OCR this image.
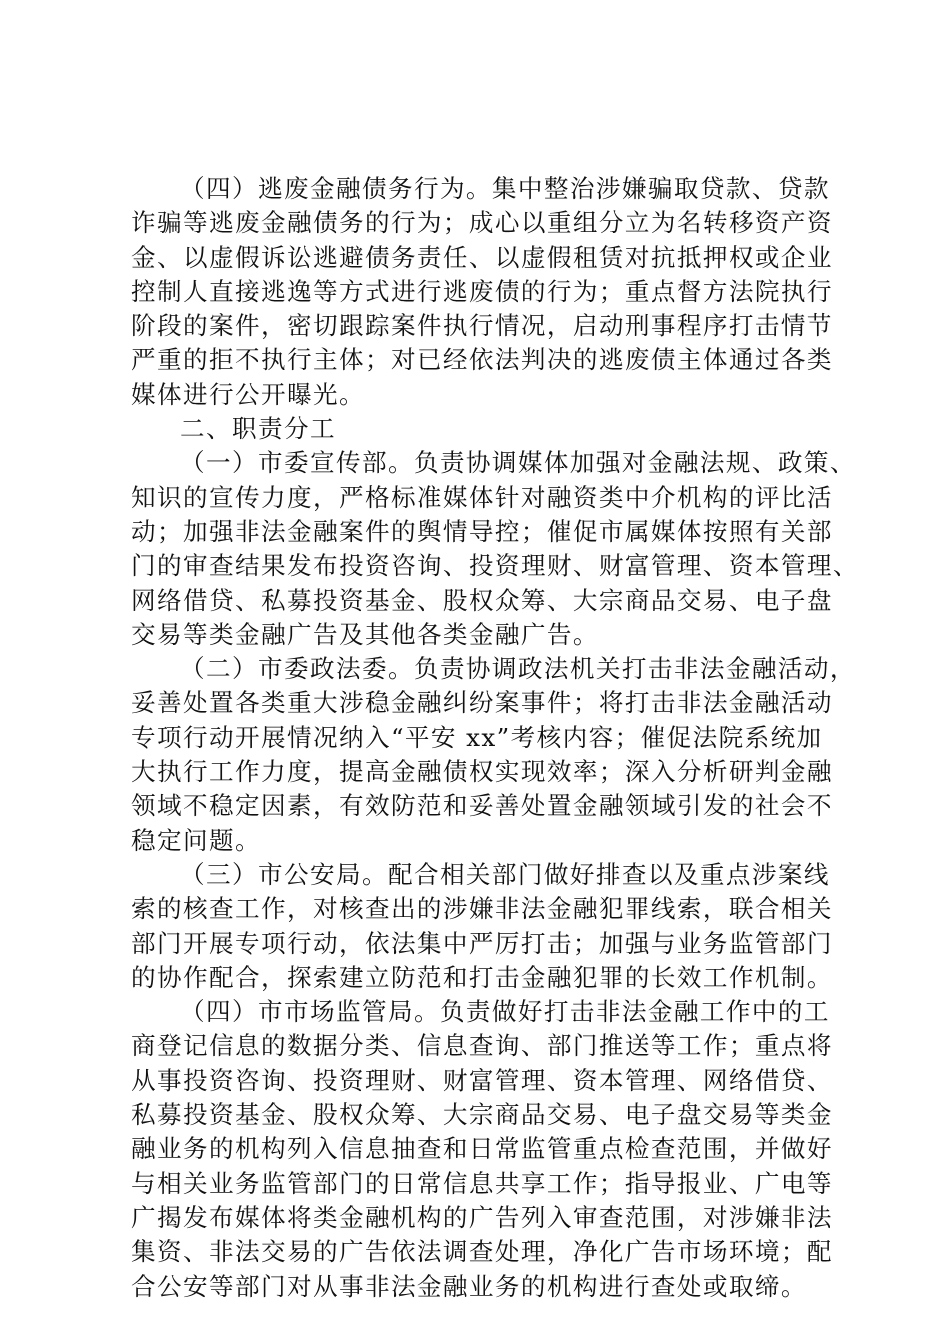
（四）逃废金融债务行为。集中整治涉嫌骗取贷款、贷款
诈骗等逃废金融债务的行为；成心以重组分立为名转移资产资
金、以虚假诉讼逃避债务责任、以虚假租赁对抗抵押权或企业
控制人直接逃逸等方式进行逃废债的行为；重点督方法院执行
阶段的案件，密切跟踪案件执行情况，启动刑事程序打击情节
严重的拒不执行主体；对已经依法判决的逃废债主体通过各类
媒体进行公开曝光。
二、职责分工
（一）市委宣传部。负责协调媒体加强对金融法规、政策、
知识的宣传力度，严格标准媒体针对融资类中介机构的评比活
动；加强非法金融案件的舆情导控；催促市属媒体按照有关部
门的审查结果发布投资咨询、投资理财、财富管理、资本管理、
网络借贷、私募投资基金、股权众筹、大宗商品交易、电子盘
交易等类金融广告及其他各类金融广告。
（二）市委政法委。负责协调政法机关打击非法金融活动，
妥善处置各类重大涉稳金融纠纷案事件；将打击非法金融活动
专项行动开展情况纳入“平安 xx”考核内容；催促法院系统加
大执行工作力度，提高金融债权实现效率；深入分析研判金融
领域不稳定因素，有效防范和妥善处置金融领域引发的社会不
稳定问题。
（三）市公安局。配合相关部门做好排查以及重点涉案线
索的核查工作，对核查出的涉嫌非法金融犯罪线索，联合相关
部门开展专项行动，依法集中严厉打击；加强与业务监管部门
的协作配合，探索建立防范和打击金融犯罪的长效工作机制。
（四）市市场监管局。负责做好打击非法金融工作中的工
商登记信息的数据分类、信息查询、部门推送等工作；重点将
从事投资咨询、投资理财、财富管理、资本管理、网络借贷、
私募投资基金、股权众筹、大宗商品交易、电子盘交易等类金
融业务的机构列入信息抽查和日常监管重点检查范围，并做好
与相关业务监管部门的日常信息共享工作；指导报业、广电等
广揭发布媒体将类金融机构的广告列入审查范围，对涉嫌非法
集资、非法交易的广告依法调查处理，净化广告市场环境；配
合公安等部门对从事非法金融业务的机构进行查处或取缔。
